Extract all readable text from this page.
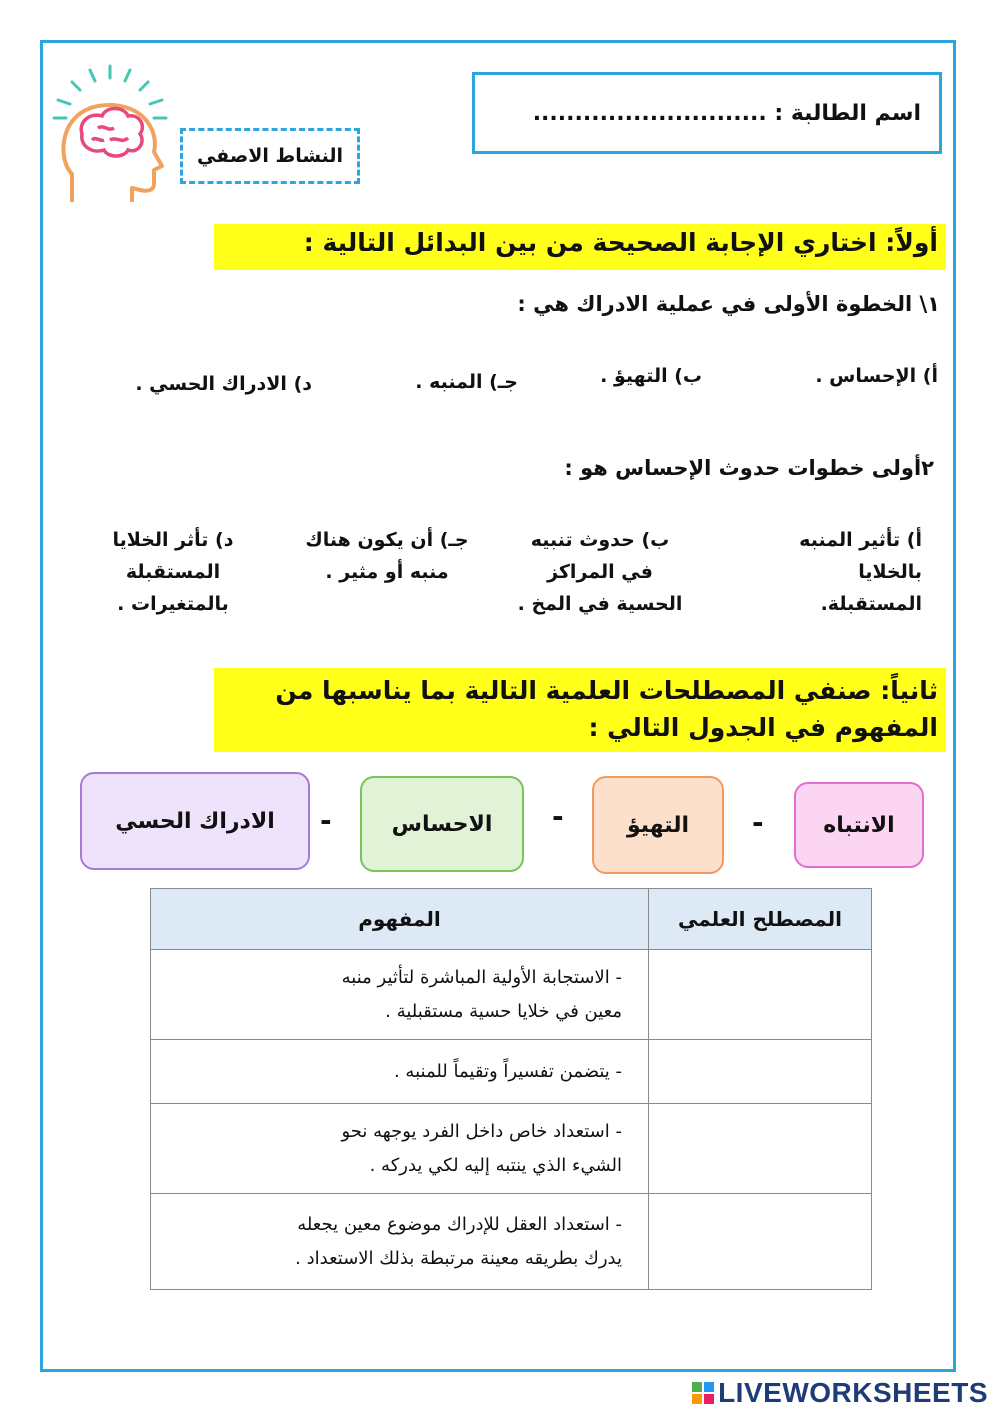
النشاط الاصفي
اسم الطالبة : ............................
أولاً: اختاري الإجابة الصحيحة من بين البدائل التالية :
١\ الخطوة الأولى في عملية الادراك هي :
أ) الإحساس .
ب) التهيؤ .
جـ) المنبه .
د) الادراك الحسي .
٢أولى خطوات حدوث الإحساس هو :
أ) تأثير المنبه
بالخلايا المستقبلة.
ب) حدوث تنبيه
في المراكز
الحسية في المخ .
جـ) أن يكون هناك
منبه أو مثير .
د) تأثر الخلايا
المستقبلة
بالمتغيرات .
ثانياً: صنفي المصطلحات العلمية التالية بما يناسبها من
المفهوم في الجدول التالي :
الانتباه
-
التهيؤ
-
الاحساس
-
الادراك الحسي
المصطلح العلمي	المفهوم

	- الاستجابة الأولية المباشرة لتأثير منبه
معين في خلايا حسية مستقبلية .

	- يتضمن تفسيراً وتقيماً للمنبه .

	- استعداد خاص داخل الفرد يوجهه نحو
الشيء الذي ينتبه إليه لكي يدركه .

	- استعداد العقل للإدراك موضوع معين يجعله
يدرك بطريقه معينة مرتبطة بذلك الاستعداد .
LIVEWORKSHEETS
